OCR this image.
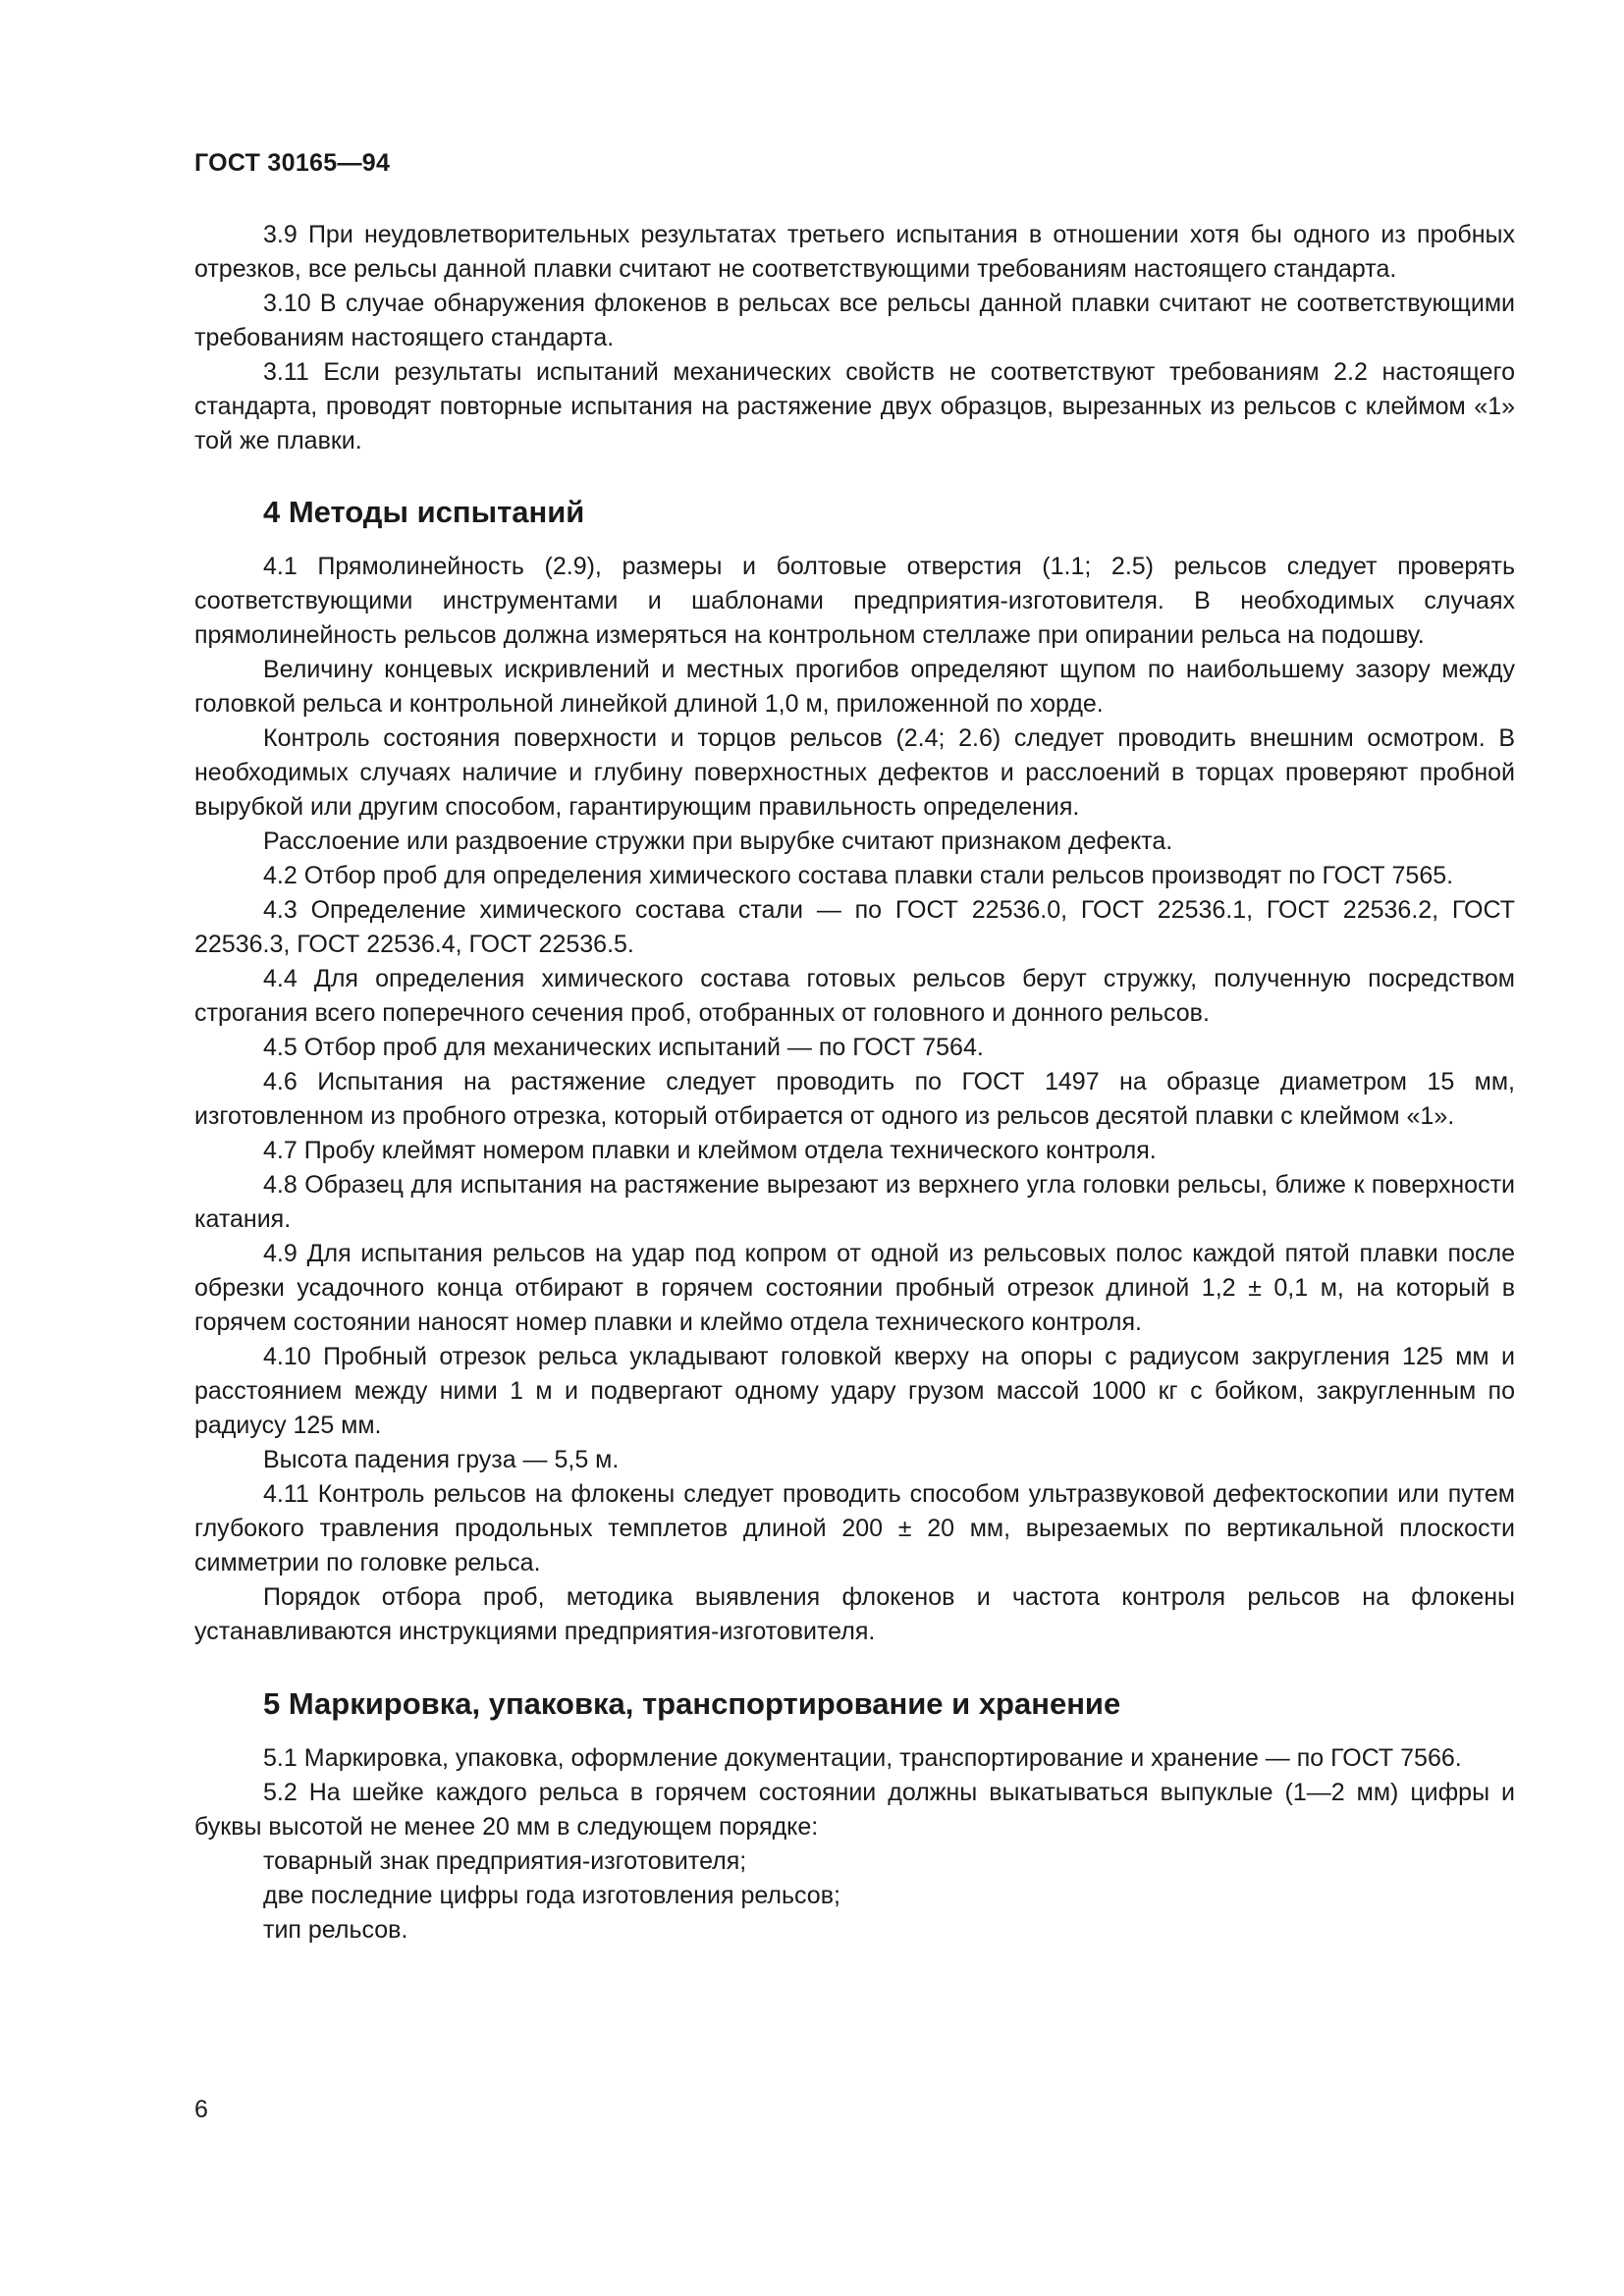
ГОСТ 30165—94

3.9 При неудовлетворительных результатах третьего испытания в отношении хотя бы одного из пробных отрезков, все рельсы данной плавки считают не соответствующими требованиям настоящего стандарта.

3.10 В случае обнаружения флокенов в рельсах все рельсы данной плавки считают не соответствующими требованиям настоящего стандарта.

3.11 Если результаты испытаний механических свойств не соответствуют требованиям 2.2 настоящего стандарта, проводят повторные испытания на растяжение двух образцов, вырезанных из рельсов с клеймом «1» той же плавки.

4 Методы испытаний

4.1 Прямолинейность (2.9), размеры и болтовые отверстия (1.1; 2.5) рельсов следует проверять соответствующими инструментами и шаблонами предприятия-изготовителя. В необходимых случаях прямолинейность рельсов должна измеряться на контрольном стеллаже при опирании рельса на подошву.

Величину концевых искривлений и местных прогибов определяют щупом по наибольшему зазору между головкой рельса и контрольной линейкой длиной 1,0 м, приложенной по хорде.

Контроль состояния поверхности и торцов рельсов (2.4; 2.6) следует проводить внешним осмотром. В необходимых случаях наличие и глубину поверхностных дефектов и расслоений в торцах проверяют пробной вырубкой или другим способом, гарантирующим правильность определения.

Расслоение или раздвоение стружки при вырубке считают признаком дефекта.

4.2 Отбор проб для определения химического состава плавки стали рельсов производят по ГОСТ 7565.

4.3 Определение химического состава стали — по ГОСТ 22536.0, ГОСТ 22536.1, ГОСТ 22536.2, ГОСТ 22536.3, ГОСТ 22536.4, ГОСТ 22536.5.

4.4 Для определения химического состава готовых рельсов берут стружку, полученную посредством строгания всего поперечного сечения проб, отобранных от головного и донного рельсов.

4.5 Отбор проб для механических испытаний — по ГОСТ 7564.

4.6 Испытания на растяжение следует проводить по ГОСТ 1497 на образце диаметром 15 мм, изготовленном из пробного отрезка, который отбирается от одного из рельсов десятой плавки с клеймом «1».

4.7 Пробу клеймят номером плавки и клеймом отдела технического контроля.

4.8 Образец для испытания на растяжение вырезают из верхнего угла головки рельсы, ближе к поверхности катания.

4.9 Для испытания рельсов на удар под копром от одной из рельсовых полос каждой пятой плавки после обрезки усадочного конца отбирают в горячем состоянии пробный отрезок длиной 1,2 ± 0,1 м, на который в горячем состоянии наносят номер плавки и клеймо отдела технического контроля.

4.10 Пробный отрезок рельса укладывают головкой кверху на опоры с радиусом закругления 125 мм и расстоянием между ними 1 м и подвергают одному удару грузом массой 1000 кг с бойком, закругленным по радиусу 125 мм.

Высота падения груза — 5,5 м.

4.11 Контроль рельсов на флокены следует проводить способом ультразвуковой дефектоскопии или путем глубокого травления продольных темплетов длиной 200 ± 20 мм, вырезаемых по вертикальной плоскости симметрии по головке рельса.

Порядок отбора проб, методика выявления флокенов и частота контроля рельсов на флокены устанавливаются инструкциями предприятия-изготовителя.

5 Маркировка, упаковка, транспортирование и хранение

5.1 Маркировка, упаковка, оформление документации, транспортирование и хранение — по ГОСТ 7566.

5.2 На шейке каждого рельса в горячем состоянии должны выкатываться выпуклые (1—2 мм) цифры и буквы высотой не менее 20 мм в следующем порядке:

товарный знак предприятия-изготовителя;

две последние цифры года изготовления рельсов;

тип рельсов.

6
